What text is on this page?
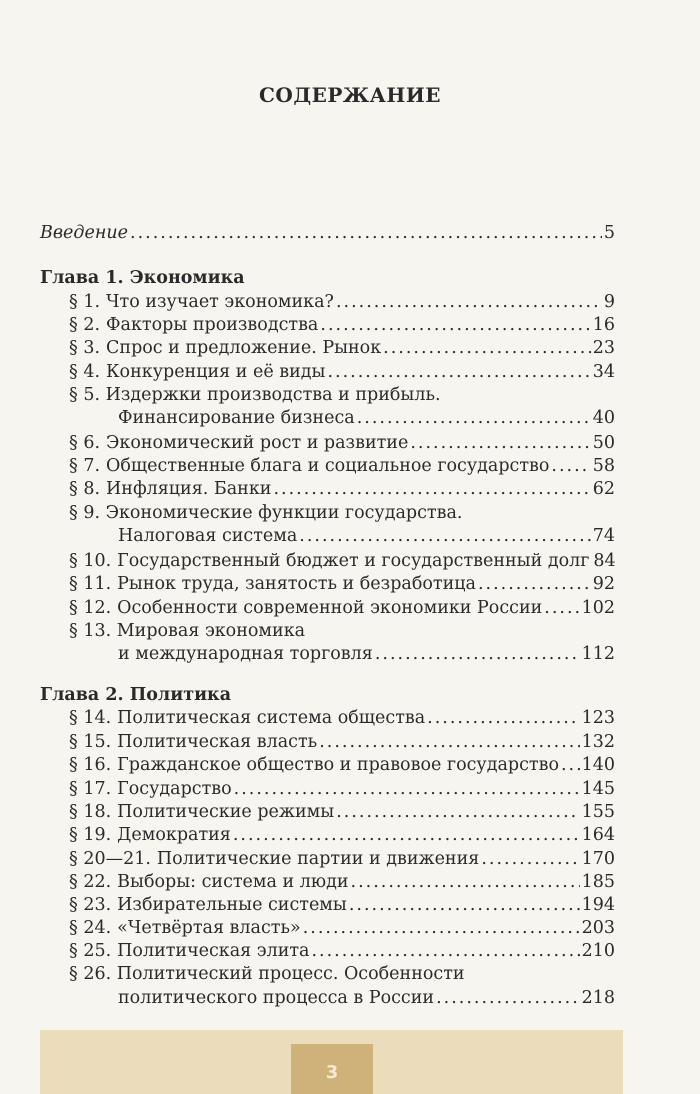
СОДЕРЖАНИЕ
Введение .....	5
Глава 1. Экономика
§ 1. Что изучает экономика? .....	9
§ 2. Факторы производства .....	16
§ 3. Спрос и предложение. Рынок .....	23
§ 4. Конкуренция и её виды .....	34
§ 5. Издержки производства и прибыль.
Финансирование бизнеса .....	40
§ 6. Экономический рост и развитие .....	50
§ 7. Общественные блага и социальное государство ..... 58
§ 8. Инфляция. Банки .....	62
§ 9. Экономические функции государства.
Налоговая система .....	74
§ 10. Государственный бюджет и государственный долг 84
§ 11. Рынок труда, занятость и безработица .....	92
§ 12. Особенности современной экономики России ..... 102
§ 13. Мировая экономика
и международная торговля .....	112
Глава 2. Политика
§ 14. Политическая система общества .....	123
§ 15. Политическая власть .....	132
§ 16. Гражданское общество и правовое государство ..... 140
§ 17. Государство .....	145
§ 18. Политические режимы .....	155
§ 19. Демократия .....	164
§ 20—21. Политические партии и движения .....	170
§ 22. Выборы: система и люди .....	185
§ 23. Избирательные системы .....	194
§ 24. «Четвёртая власть» .....	203
§ 25. Политическая элита .....	210
§ 26. Политический процесс. Особенности
политического процесса в России .....	218
3
